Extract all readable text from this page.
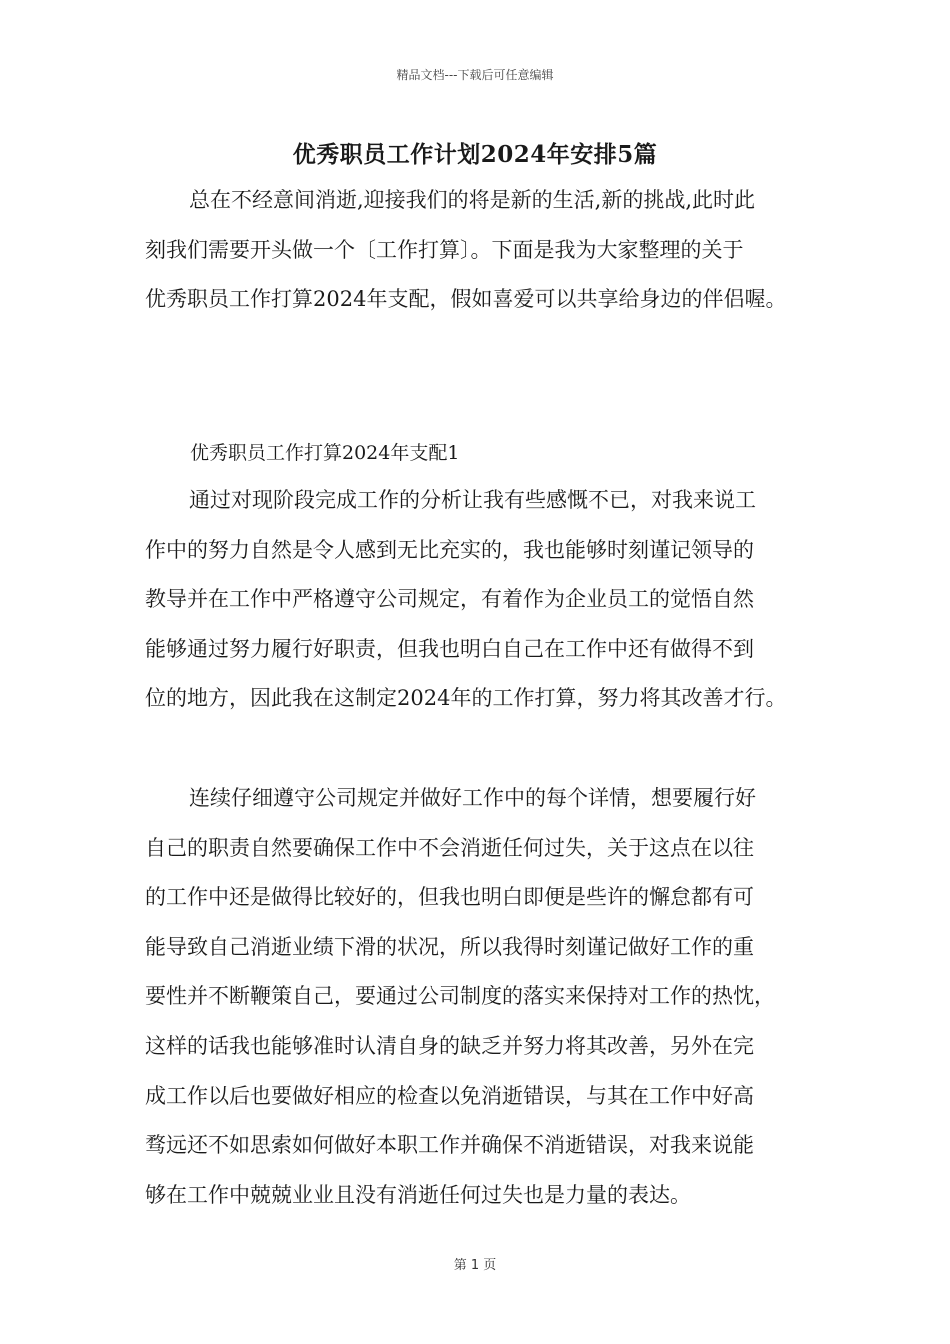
精品文档---下载后可任意编辑
优秀职员工作计划2024年安排5篇

总在不经意间消逝,迎接我们的将是新的生活,新的挑战,此时此
刻我们需要开头做一个〔工作打算〕。下面是我为大家整理的关于
优秀职员工作打算2024年支配，假如喜爱可以共享给身边的伴侣喔。

优秀职员工作打算2024年支配1

通过对现阶段完成工作的分析让我有些感慨不已，对我来说工
作中的努力自然是令人感到无比充实的，我也能够时刻谨记领导的
教导并在工作中严格遵守公司规定，有着作为企业员工的觉悟自然
能够通过努力履行好职责，但我也明白自己在工作中还有做得不到
位的地方，因此我在这制定2024年的工作打算，努力将其改善才行。

连续仔细遵守公司规定并做好工作中的每个详情，想要履行好
自己的职责自然要确保工作中不会消逝任何过失，关于这点在以往
的工作中还是做得比较好的，但我也明白即便是些许的懈怠都有可
能导致自己消逝业绩下滑的状况，所以我得时刻谨记做好工作的重
要性并不断鞭策自己，要通过公司制度的落实来保持对工作的热忱，
这样的话我也能够准时认清自身的缺乏并努力将其改善，另外在完
成工作以后也要做好相应的检查以免消逝错误，与其在工作中好高
骛远还不如思索如何做好本职工作并确保不消逝错误，对我来说能
够在工作中兢兢业业且没有消逝任何过失也是力量的表达。

第 1 页
